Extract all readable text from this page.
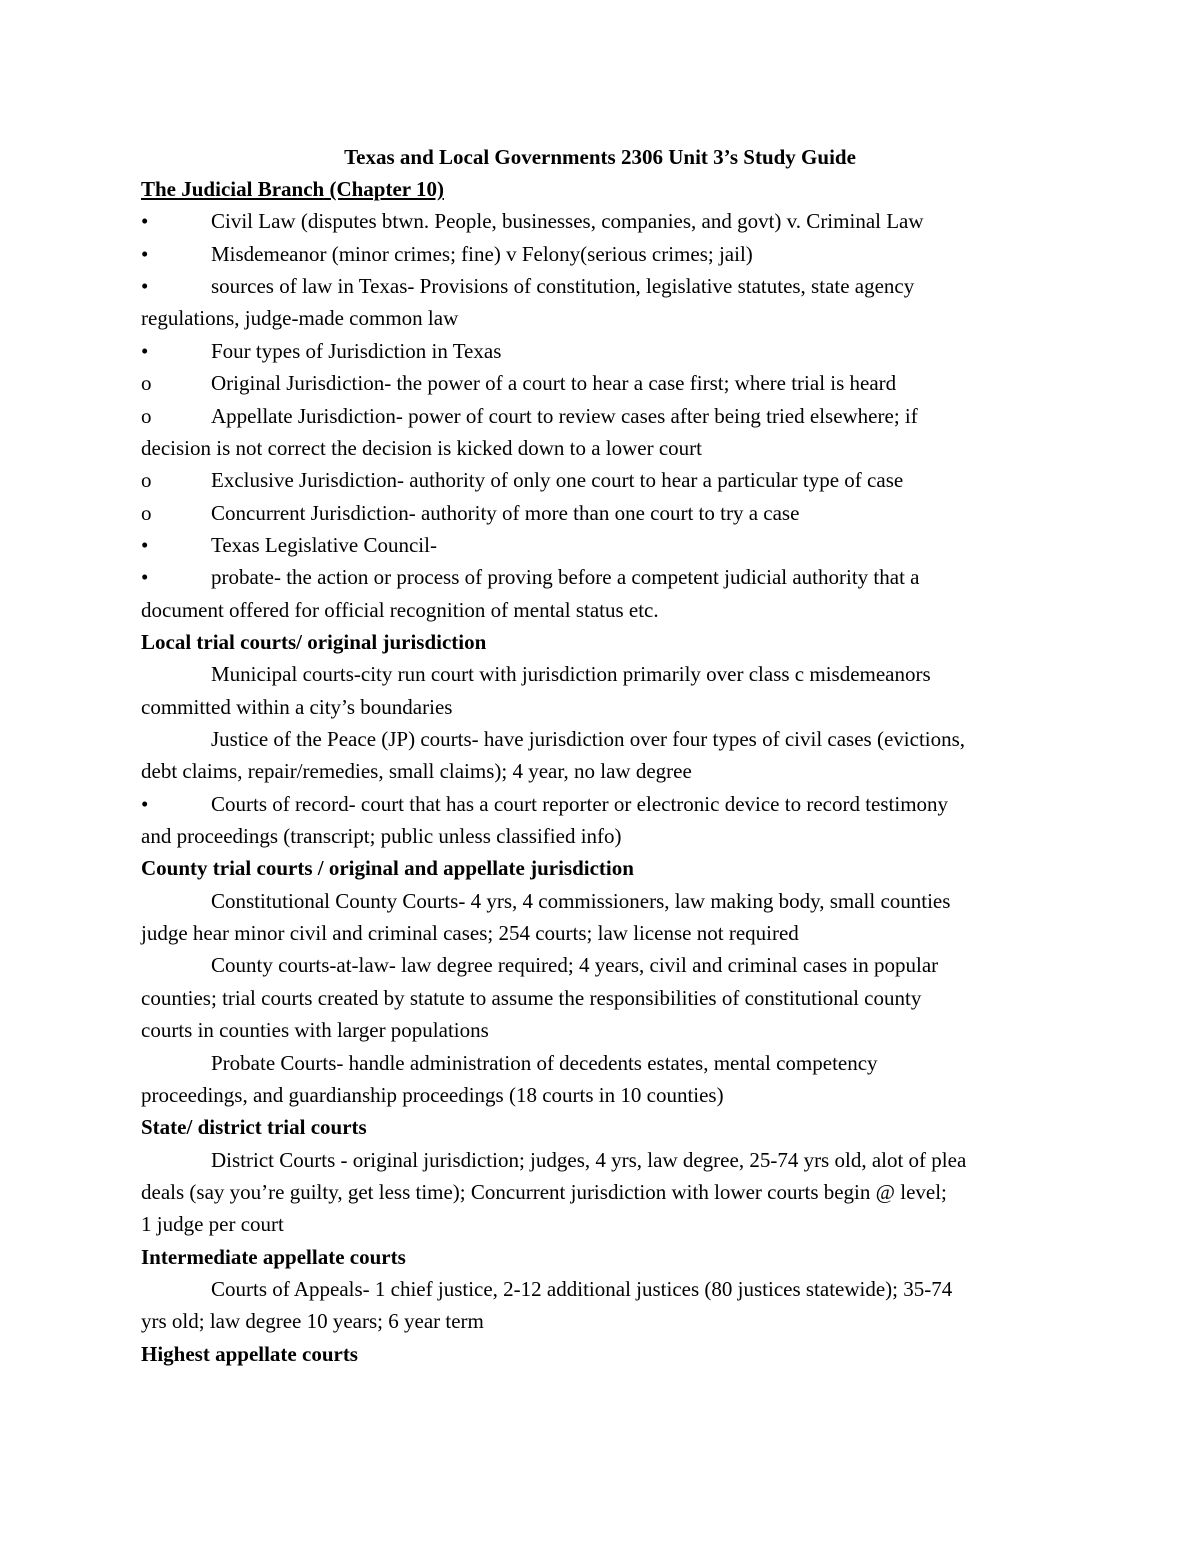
Texas and Local Governments 2306 Unit 3’s Study Guide
The Judicial Branch (Chapter 10)
•	Civil Law (disputes btwn. People, businesses, companies, and govt) v. Criminal Law
•	Misdemeanor (minor crimes; fine) v Felony(serious crimes; jail)
•	sources of law in Texas- Provisions of constitution, legislative statutes, state agency
regulations, judge-made common law
•	Four types of Jurisdiction in Texas
o	Original Jurisdiction- the power of a court to hear a case first; where trial is heard
o	Appellate Jurisdiction- power of court to review cases after being tried elsewhere; if
decision is not correct the decision is kicked down to a lower court
o	Exclusive Jurisdiction- authority of only one court to hear a particular type of case
o	Concurrent Jurisdiction- authority of more than one court to try a case
•	Texas Legislative Council-
•	probate- the action or process of proving before a competent judicial authority that a
document offered for official recognition of mental status etc.
Local trial courts/ original jurisdiction
Municipal courts-city run court with jurisdiction primarily over class c misdemeanors
committed within a city’s boundaries
Justice of the Peace (JP) courts- have jurisdiction over four types of civil cases (evictions,
debt claims, repair/remedies, small claims); 4 year, no law degree
•	Courts of record- court that has a court reporter or electronic device to record testimony
and proceedings (transcript; public unless classified info)
County trial courts / original and appellate jurisdiction
Constitutional County Courts- 4 yrs, 4 commissioners, law making body, small counties
judge hear minor civil and criminal cases; 254 courts; law license not required
County courts-at-law- law degree required; 4 years, civil and criminal cases in popular
counties; trial courts created by statute to assume the responsibilities of constitutional county
courts in counties with larger populations
Probate Courts- handle administration of decedents estates, mental competency
proceedings, and guardianship proceedings (18 courts in 10 counties)
State/ district trial courts
District Courts - original jurisdiction; judges, 4 yrs, law degree, 25-74 yrs old, alot of plea
deals (say you’re guilty, get less time); Concurrent jurisdiction with lower courts begin @ level;
1 judge per court
Intermediate appellate courts
Courts of Appeals- 1 chief justice, 2-12 additional justices (80 justices statewide); 35-74
yrs old; law degree 10 years; 6 year term
Highest appellate courts
